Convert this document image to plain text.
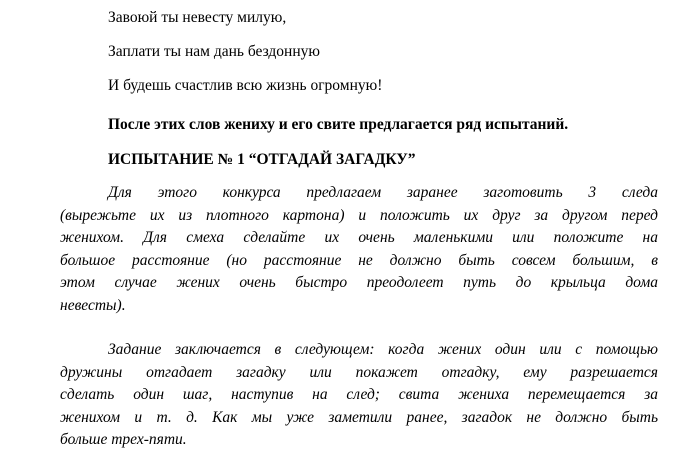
Завоюй ты невесту милую,
Заплати ты нам дань бездонную
И будешь счастлив всю жизнь огромную!
После этих слов жениху и его свите предлагается ряд испытаний.
ИСПЫТАНИЕ № 1 “ОТГАДАЙ ЗАГАДКУ”
Для этого конкурса предлагаем заранее заготовить 3 следа
(вырежьте их из плотного картона) и положить их друг за другом перед
женихом. Для смеха сделайте их очень маленькими или положите на
большое расстояние (но расстояние не должно быть совсем большим, в
этом случае жених очень быстро преодолеет путь до крыльца дома
невесты).
Задание заключается в следующем: когда жених один или с помощью
дружины отгадает загадку или покажет отгадку, ему разрешается
сделать один шаг, наступив на след; свита жениха перемещается за
женихом и т. д. Как мы уже заметили ранее, загадок не должно быть
больше трех-пяти.
